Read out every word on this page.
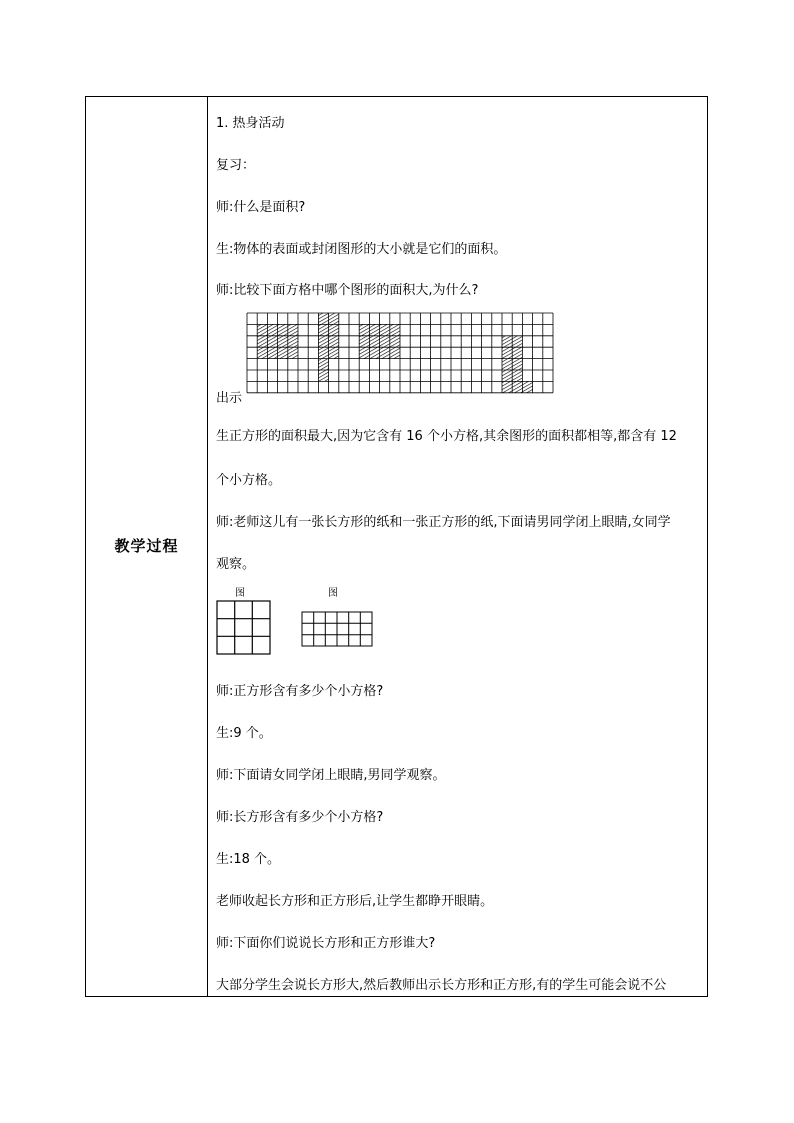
教学过程
1. 热身活动
复习：
师:什么是面积?
生:物体的表面或封闭图形的大小就是它们的面积。
师:比较下面方格中哪个图形的面积大,为什么?
出示
生正方形的面积最大,因为它含有 16 个小方格,其余图形的面积都相等,都含有 12
个小方格。
师:老师这儿有一张长方形的纸和一张正方形的纸,下面请男同学闭上眼睛,女同学
观察。
图	图
师:正方形含有多少个小方格?
生:9 个。
师:下面请女同学闭上眼睛,男同学观察。
师:长方形含有多少个小方格?
生:18 个。
老师收起长方形和正方形后,让学生都睁开眼睛。
师:下面你们说说长方形和正方形谁大?
大部分学生会说长方形大,然后教师出示长方形和正方形,有的学生可能会说不公
